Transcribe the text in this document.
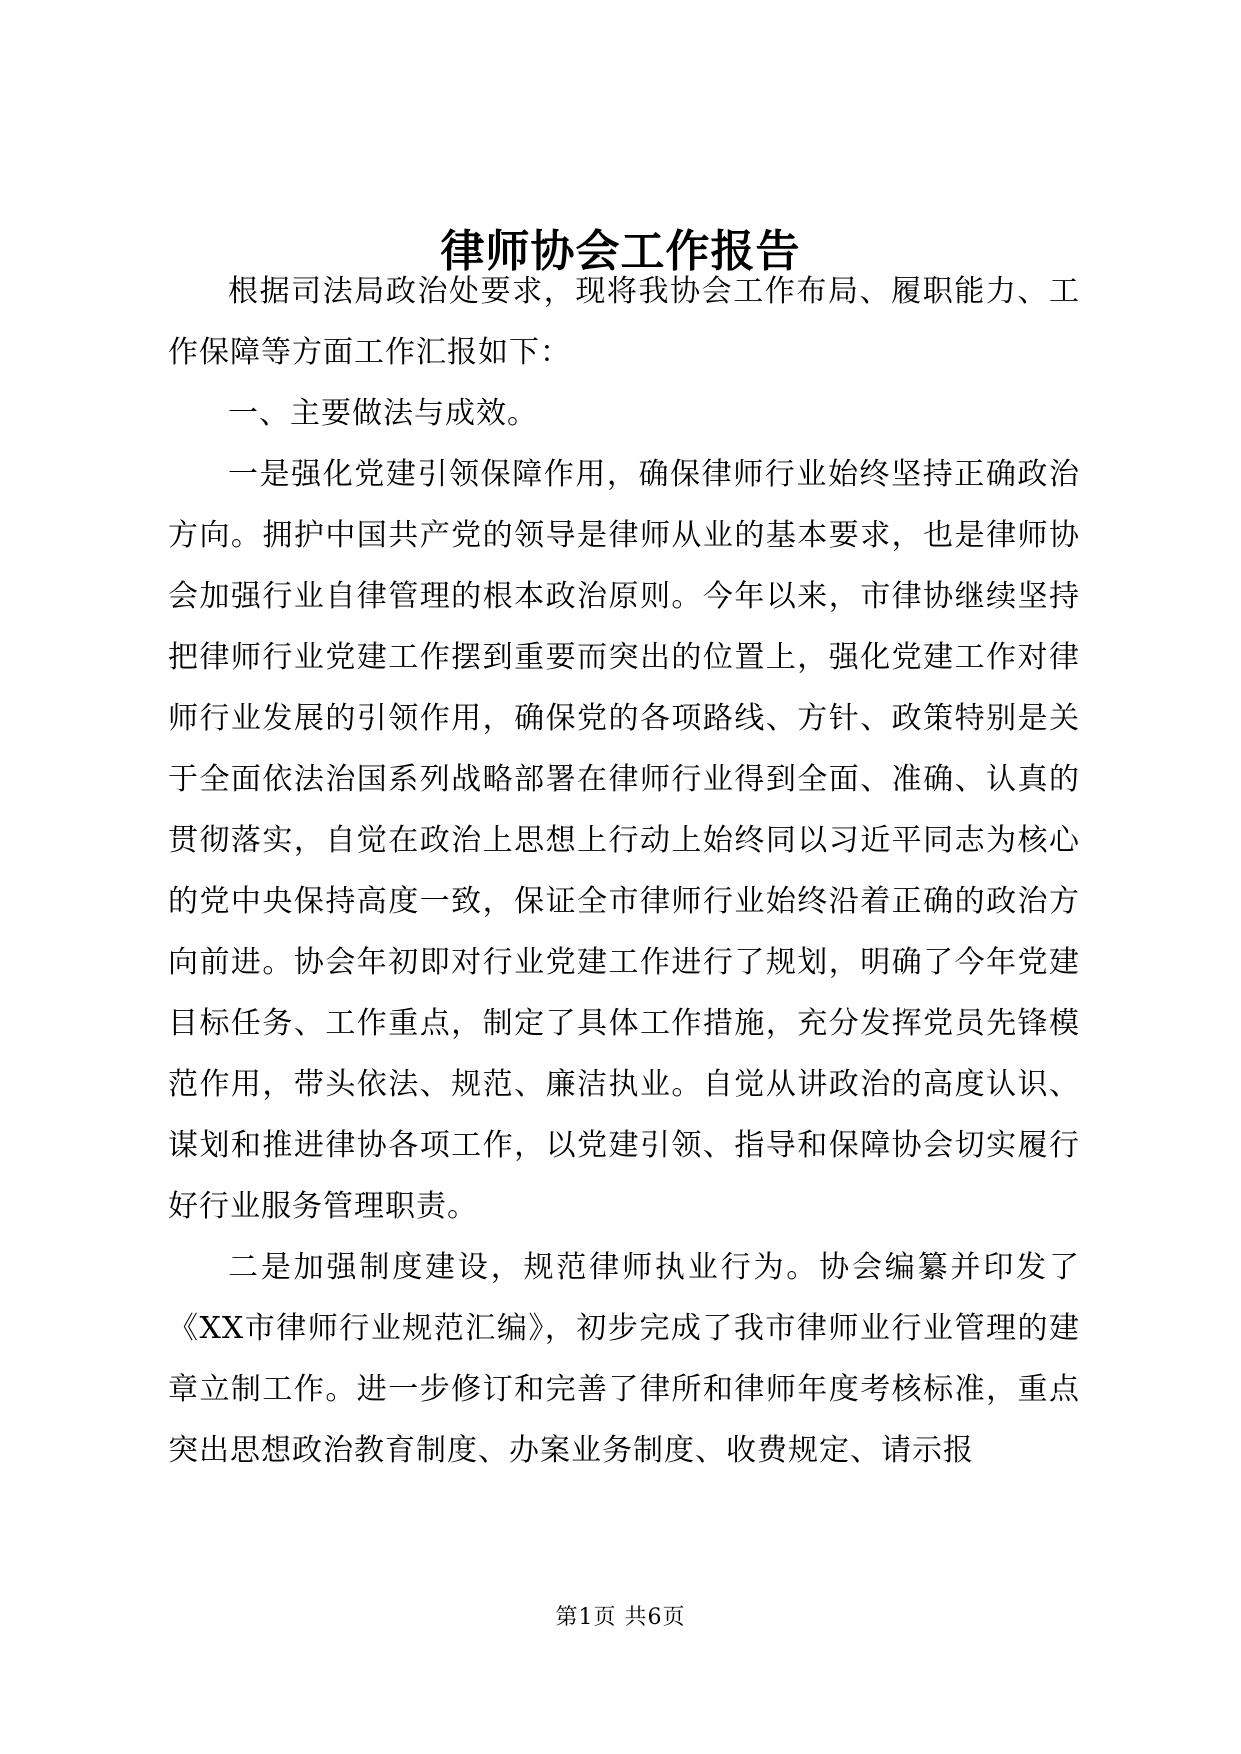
律师协会工作报告

根据司法局政治处要求，现将我协会工作布局、履职能力、工作保障等方面工作汇报如下：

一、主要做法与成效。

一是强化党建引领保障作用，确保律师行业始终坚持正确政治方向。拥护中国共产党的领导是律师从业的基本要求，也是律师协会加强行业自律管理的根本政治原则。今年以来，市律协继续坚持把律师行业党建工作摆到重要而突出的位置上，强化党建工作对律师行业发展的引领作用，确保党的各项路线、方针、政策特别是关于全面依法治国系列战略部署在律师行业得到全面、准确、认真的贯彻落实，自觉在政治上思想上行动上始终同以习近平同志为核心的党中央保持高度一致，保证全市律师行业始终沿着正确的政治方向前进。协会年初即对行业党建工作进行了规划，明确了今年党建目标任务、工作重点，制定了具体工作措施，充分发挥党员先锋模范作用，带头依法、规范、廉洁执业。自觉从讲政治的高度认识、谋划和推进律协各项工作，以党建引领、指导和保障协会切实履行好行业服务管理职责。

二是加强制度建设，规范律师执业行为。协会编纂并印发了《XX市律师行业规范汇编》，初步完成了我市律师业行业管理的建章立制工作。进一步修订和完善了律所和律师年度考核标准，重点突出思想政治教育制度、办案业务制度、收费规定、请示报

第1页 共6页
